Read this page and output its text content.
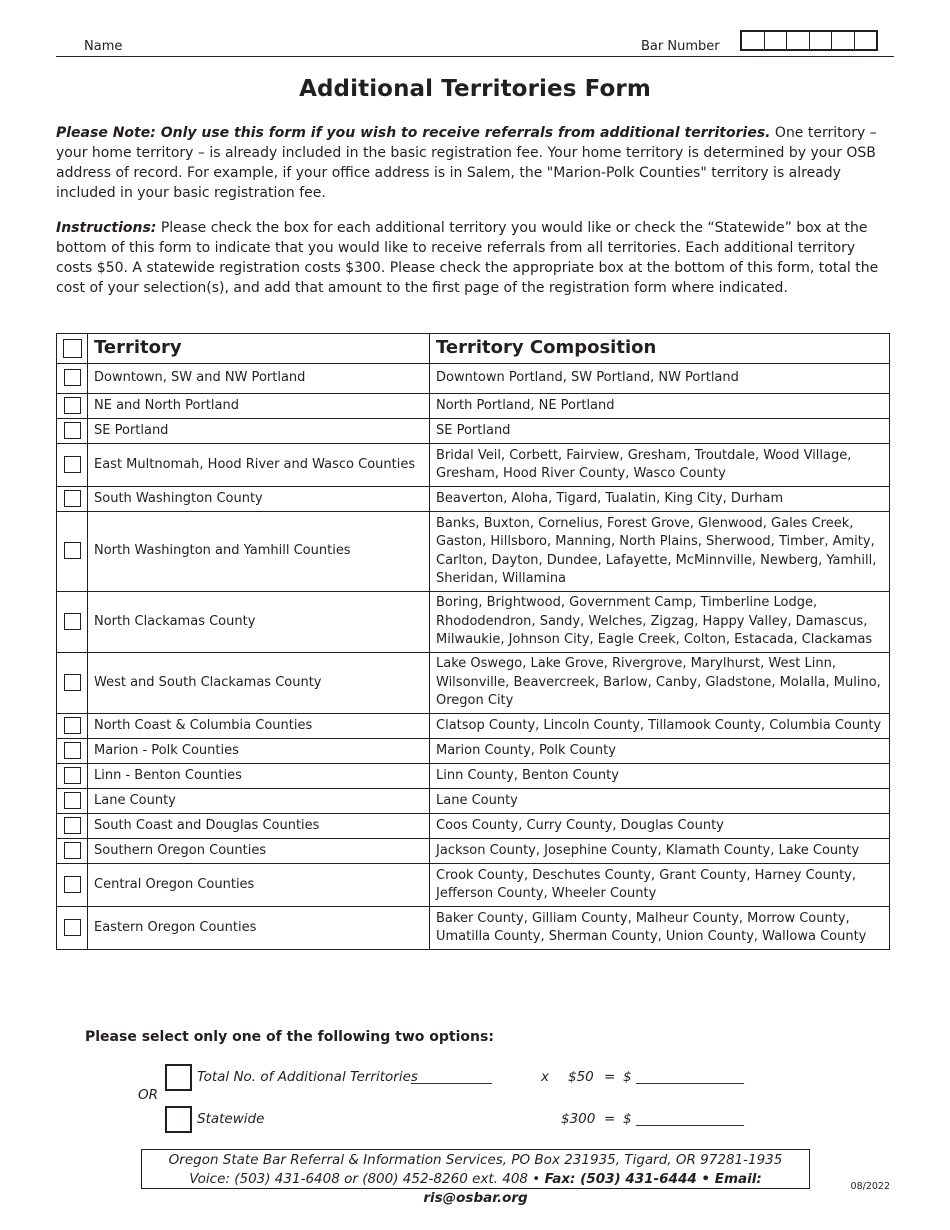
Name	Bar Number
Additional Territories Form

Please Note: Only use this form if you wish to receive referrals from additional territories. One territory – your home territory – is already included in the basic registration fee. Your home territory is determined by your OSB address of record. For example, if your office address is in Salem, the "Marion-Polk Counties" territory is already included in your basic registration fee.

Instructions: Please check the box for each additional territory you would like or check the “Statewide” box at the bottom of this form to indicate that you would like to receive referrals from all territories. Each additional territory costs $50. A statewide registration costs $300. Please check the appropriate box at the bottom of this form, total the cost of your selection(s), and add that amount to the first page of the registration form where indicated.

	Territory	Territory Composition
	Downtown, SW and NW Portland	Downtown Portland, SW Portland, NW Portland
	NE and North Portland	North Portland, NE Portland
	SE Portland	SE Portland
	East Multnomah, Hood River and Wasco Counties	Bridal Veil, Corbett, Fairview, Gresham, Troutdale, Wood Village, Gresham, Hood River County, Wasco County
	South Washington County	Beaverton, Aloha, Tigard, Tualatin, King City, Durham
	North Washington and Yamhill Counties	Banks, Buxton, Cornelius, Forest Grove, Glenwood, Gales Creek, Gaston, Hillsboro, Manning, North Plains, Sherwood, Timber, Amity, Carlton, Dayton, Dundee, Lafayette, McMinnville, Newberg, Yamhill, Sheridan, Willamina
	North Clackamas County	Boring, Brightwood, Government Camp, Timberline Lodge, Rhododendron, Sandy, Welches, Zigzag, Happy Valley, Damascus, Milwaukie, Johnson City, Eagle Creek, Colton, Estacada, Clackamas
	West and South Clackamas County	Lake Oswego, Lake Grove, Rivergrove, Marylhurst, West Linn, Wilsonville, Beavercreek, Barlow, Canby, Gladstone, Molalla, Mulino, Oregon City
	North Coast & Columbia Counties	Clatsop County, Lincoln County, Tillamook County, Columbia County
	Marion - Polk Counties	Marion County, Polk County
	Linn - Benton Counties	Linn County, Benton County
	Lane County	Lane County
	South Coast and Douglas Counties	Coos County, Curry County, Douglas County
	Southern Oregon Counties	Jackson County, Josephine County, Klamath County, Lake County
	Central Oregon Counties	Crook County, Deschutes County, Grant County, Harney County, Jefferson County, Wheeler County
	Eastern Oregon Counties	Baker County, Gilliam County, Malheur County, Morrow County, Umatilla County, Sherman County, Union County, Wallowa County
Please select only one of the following two options:
Total No. of Additional Territories
____________	x $50 = $ ________________
OR
Statewide	$300 = $ ________________
Oregon State Bar Referral & Information Services, PO Box 231935, Tigard, OR 97281-1935
Voice: (503) 431-6408 or (800) 452-8260 ext. 408 • Fax: (503) 431-6444 • Email: ris@osbar.org
08/2022
